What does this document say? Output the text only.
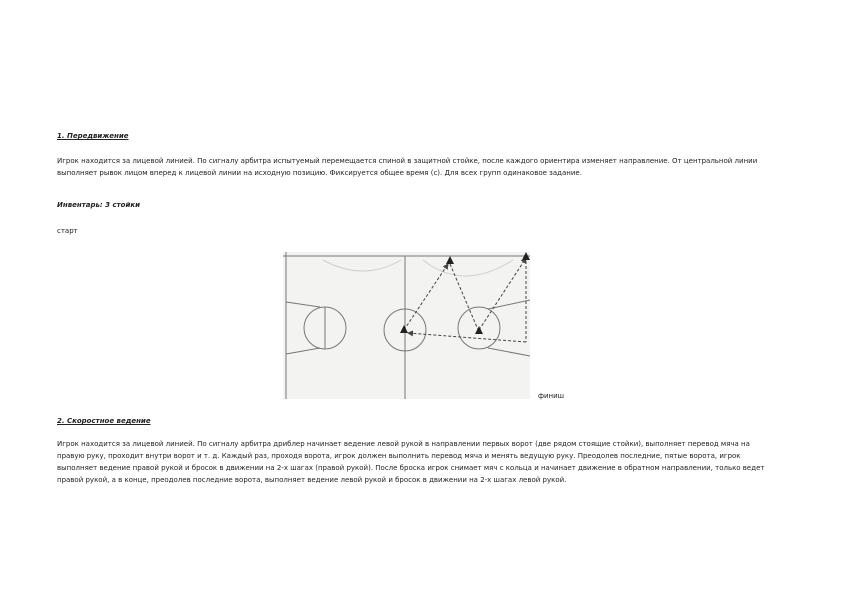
1. Передвижение
Игрок находится за лицевой линией. По сигналу арбитра испытуемый перемещается спиной в защитной стойке, после каждого ориентира изменяет направление. От центральной линии выполняет рывок лицом вперед к лицевой линии на исходную позицию. Фиксируется общее время (с). Для всех групп одинаковое задание.
Инвентарь: 3 стойки
старт
финиш
2. Скоростное ведение
Игрок находится за лицевой линией. По сигналу арбитра дриблер начинает ведение левой рукой в направлении первых ворот (две рядом стоящие стойки), выполняет перевод мяча на правую руку, проходит внутри ворот и т. д. Каждый раз, проходя ворота, игрок должен выполнить перевод мяча и менять ведущую руку. Преодолев последние, пятые ворота, игрок выполняет ведение правой рукой и бросок в движении на 2-х шагах (правой рукой). После броска игрок снимает мяч с кольца и начинает движение в обратном направлении, только ведет правой рукой, а в конце, преодолев последние ворота, выполняет ведение левой рукой и бросок в движении на 2-х шагах левой рукой.
